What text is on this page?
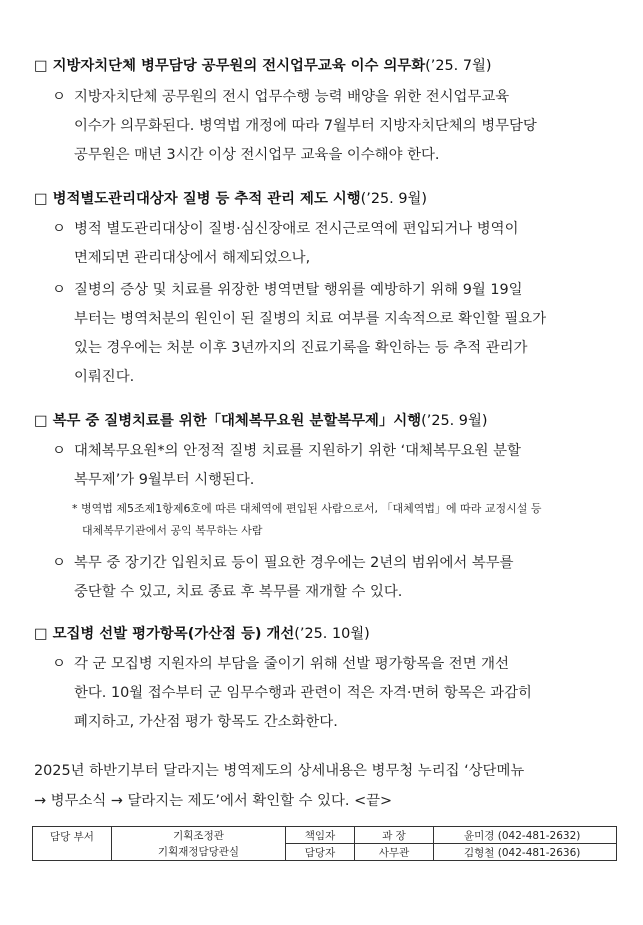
□ 지방자치단체 병무담당 공무원의 전시업무교육 이수 의무화(’25. 7월)
ㅇ 지방자치단체 공무원의 전시 업무수행 능력 배양을 위한 전시업무교육
이수가 의무화된다. 병역법 개정에 따라 7월부터 지방자치단체의 병무담당
공무원은 매년 3시간 이상 전시업무 교육을 이수해야 한다.
□ 병적별도관리대상자 질병 등 추적 관리 제도 시행(’25. 9월)
ㅇ 병적 별도관리대상이 질병·심신장애로 전시근로역에 편입되거나 병역이
면제되면 관리대상에서 해제되었으나,
ㅇ 질병의 증상 및 치료를 위장한 병역면탈 행위를 예방하기 위해 9월 19일
부터는 병역처분의 원인이 된 질병의 치료 여부를 지속적으로 확인할 필요가
있는 경우에는 처분 이후 3년까지의 진료기록을 확인하는 등 추적 관리가
이뤄진다.
□ 복무 중 질병치료를 위한「대체복무요원 분할복무제」시행(’25. 9월)
ㅇ 대체복무요원*의 안정적 질병 치료를 지원하기 위한 ‘대체복무요원 분할
복무제’가 9월부터 시행된다.
* 병역법 제5조제1항제6호에 따른 대체역에 편입된 사람으로서, 「대체역법」에 따라 교정시설 등
대체복무기관에서 공익 복무하는 사람
ㅇ 복무 중 장기간 입원치료 등이 필요한 경우에는 2년의 범위에서 복무를
중단할 수 있고, 치료 종료 후 복무를 재개할 수 있다.
□ 모집병 선발 평가항목(가산점 등) 개선(’25. 10월)
ㅇ 각 군 모집병 지원자의 부담을 줄이기 위해 선발 평가항목을 전면 개선
한다. 10월 접수부터 군 임무수행과 관련이 적은 자격·면허 항목은 과감히
폐지하고, 가산점 평가 항목도 간소화한다.
2025년 하반기부터 달라지는 병역제도의 상세내용은 병무청 누리집 ‘상단메뉴
→ 병무소식 → 달라지는 제도’에서 확인할 수 있다. <끝>
담당 부서	기획조정관	책임자	과 장	윤미경 (042-481-2632)
	기획재정담당관실	담당자	사무관	김형철 (042-481-2636)
